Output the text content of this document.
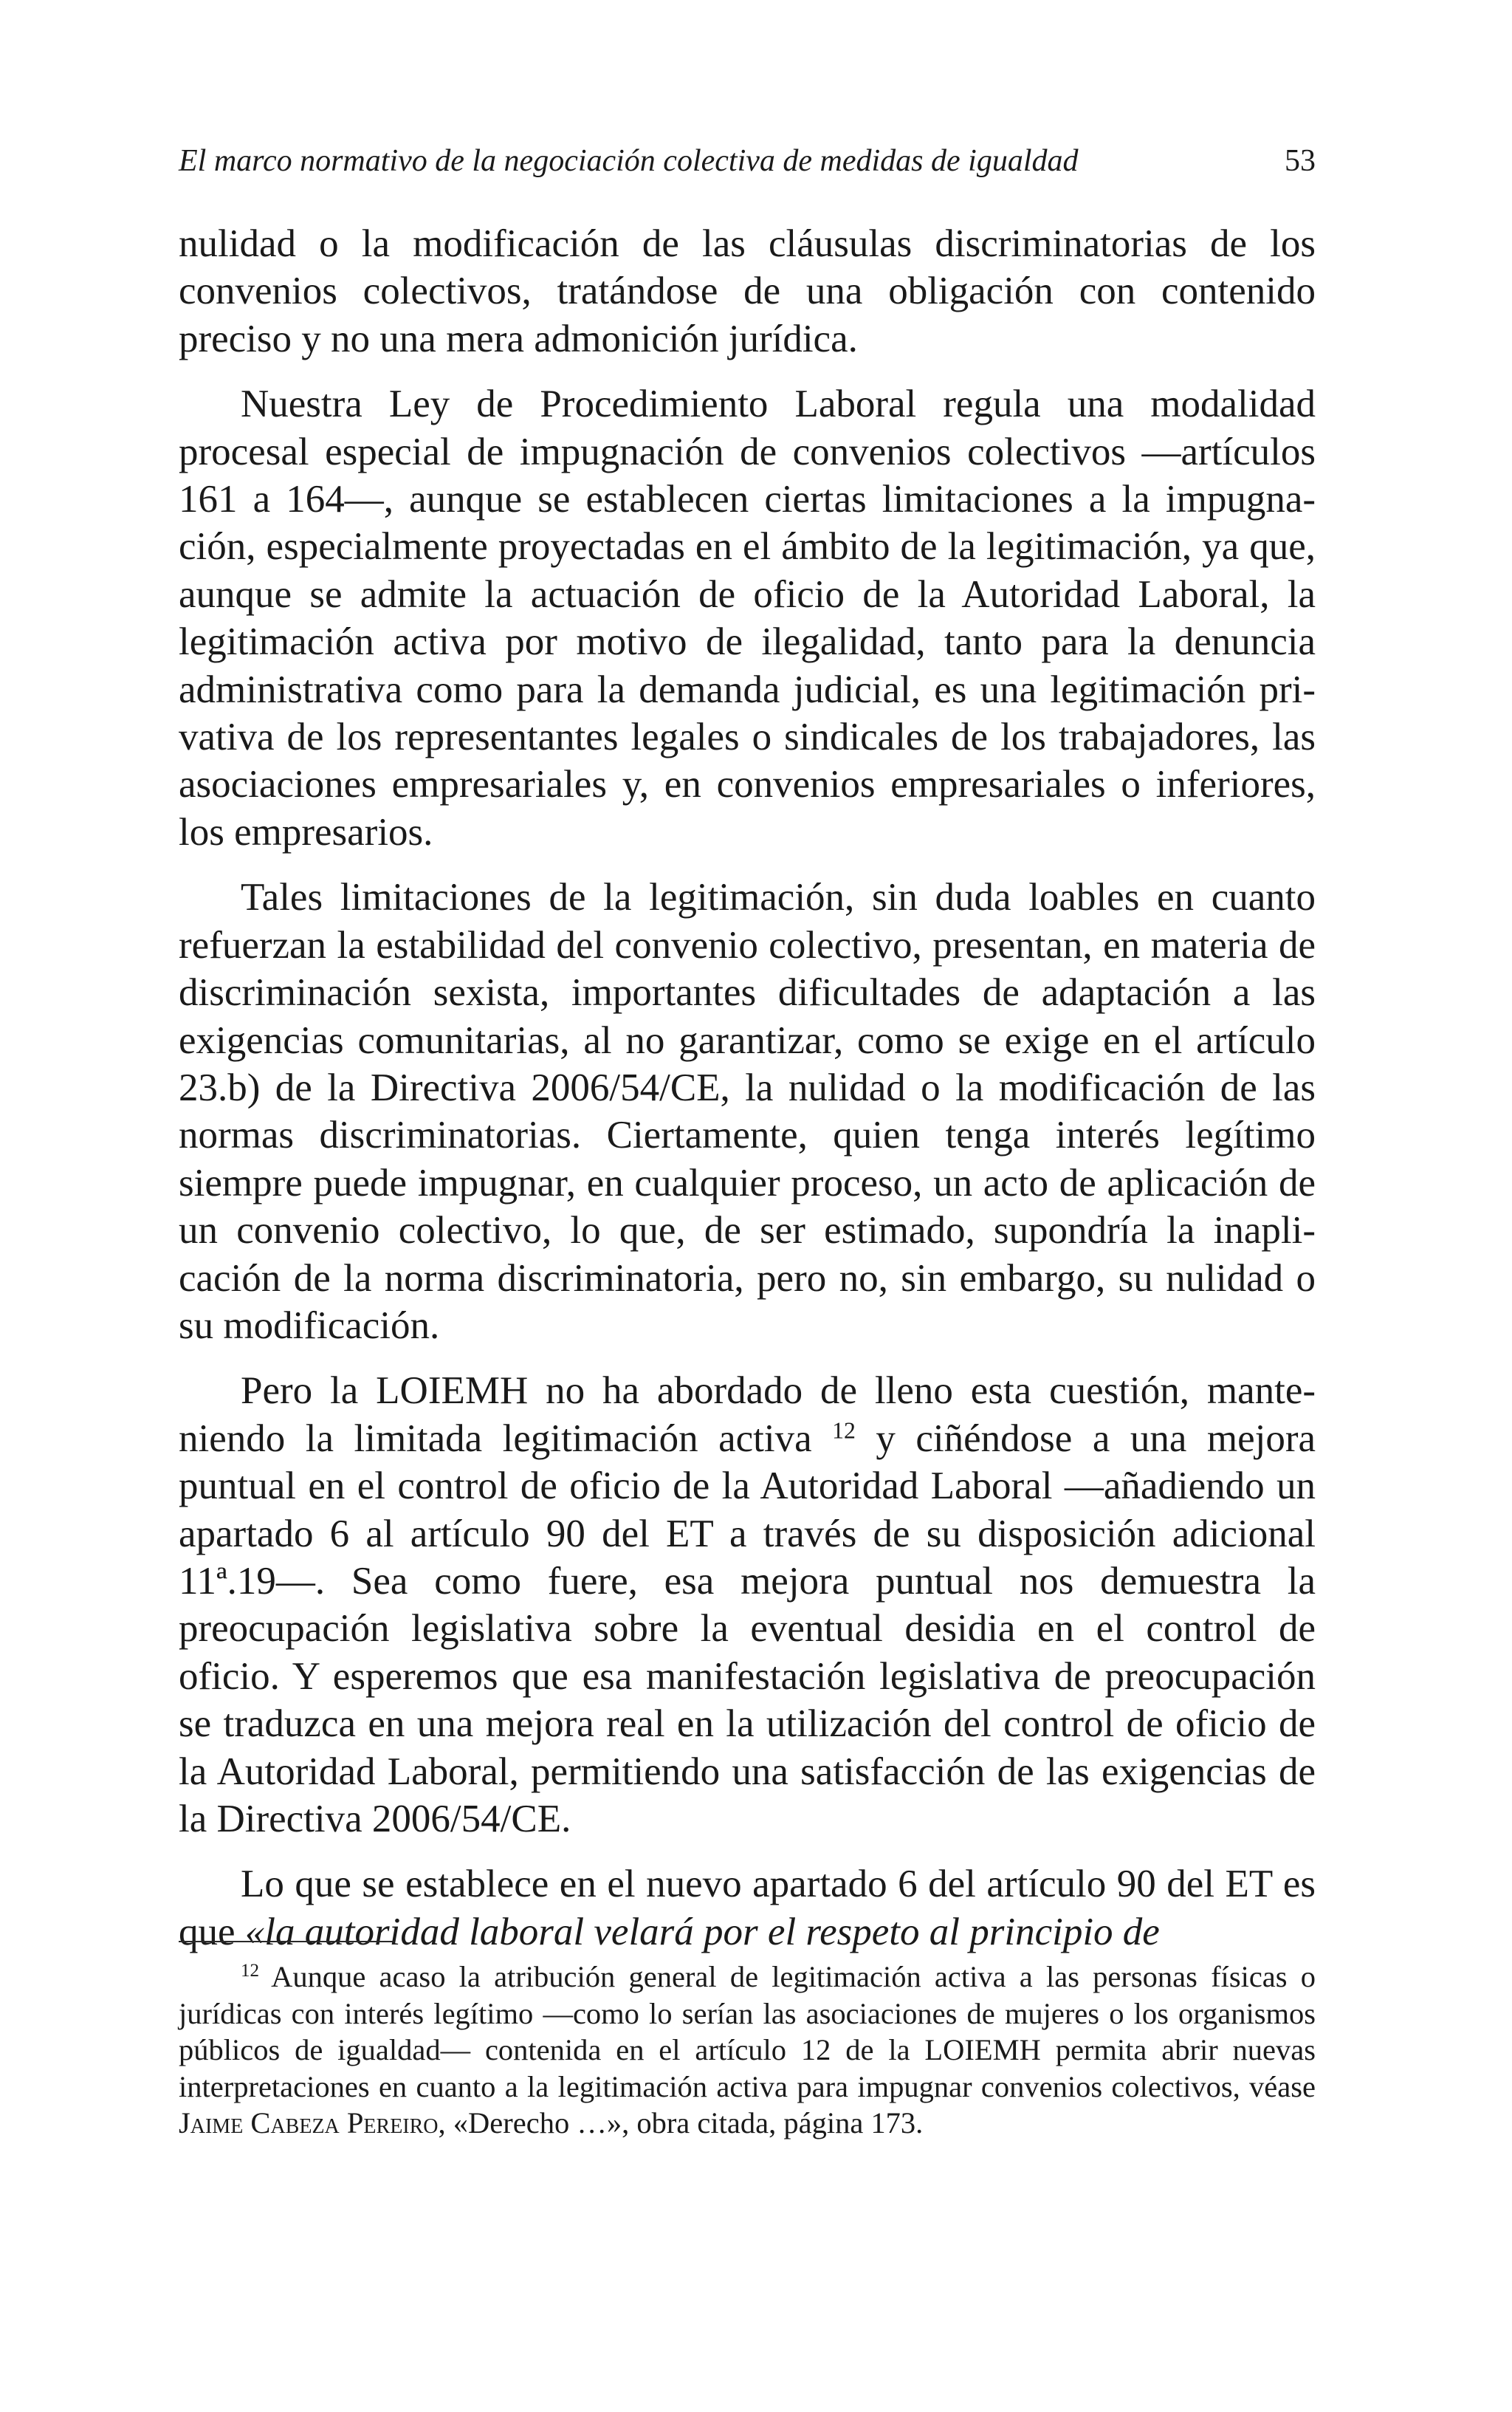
El marco normativo de la negociación colectiva de medidas de igualdad	53

nulidad o la modificación de las cláusulas discriminatorias de los convenios colectivos, tratándose de una obligación con contenido preciso y no una mera admonición jurídica.

Nuestra Ley de Procedimiento Laboral regula una modalidad procesal especial de impugnación de convenios colectivos —artículos 161 a 164—, aunque se establecen ciertas limitaciones a la impugnación, especialmente proyectadas en el ámbito de la legitimación, ya que, aunque se admite la actuación de oficio de la Autoridad Laboral, la legitimación activa por motivo de ilegalidad, tanto para la denuncia administrativa como para la demanda judicial, es una legitimación privativa de los representantes legales o sindicales de los trabajadores, las asociaciones empresariales y, en convenios empresariales o inferiores, los empresarios.

Tales limitaciones de la legitimación, sin duda loables en cuanto refuerzan la estabilidad del convenio colectivo, presentan, en materia de discriminación sexista, importantes dificultades de adaptación a las exigencias comunitarias, al no garantizar, como se exige en el artículo 23.b) de la Directiva 2006/54/CE, la nulidad o la modificación de las normas discriminatorias. Ciertamente, quien tenga interés legítimo siempre puede impugnar, en cualquier proceso, un acto de aplicación de un convenio colectivo, lo que, de ser estimado, supondría la inaplicación de la norma discriminatoria, pero no, sin embargo, su nulidad o su modificación.

Pero la LOIEMH no ha abordado de lleno esta cuestión, manteniendo la limitada legitimación activa $^{12}$ y ciñéndose a una mejora puntual en el control de oficio de la Autoridad Laboral —añadiendo un apartado 6 al artículo 90 del ET a través de su disposición adicional 11ª.19—. Sea como fuere, esa mejora puntual nos demuestra la preocupación legislativa sobre la eventual desidia en el control de oficio. Y esperemos que esa manifestación legislativa de preocupación se traduzca en una mejora real en la utilización del control de oficio de la Autoridad Laboral, permitiendo una satisfacción de las exigencias de la Directiva 2006/54/CE.

Lo que se establece en el nuevo apartado 6 del artículo 90 del ET es que «la autoridad laboral velará por el respeto al principio de

$^{12}$ Aunque acaso la atribución general de legitimación activa a las personas físicas o jurídicas con interés legítimo —como lo serían las asociaciones de mujeres o los organismos públicos de igualdad— contenida en el artículo 12 de la LOIEMH permita abrir nuevas interpretaciones en cuanto a la legitimación activa para impugnar convenios colectivos, véase Jaime Cabeza Pereiro, «Derecho …», obra citada, página 173.
